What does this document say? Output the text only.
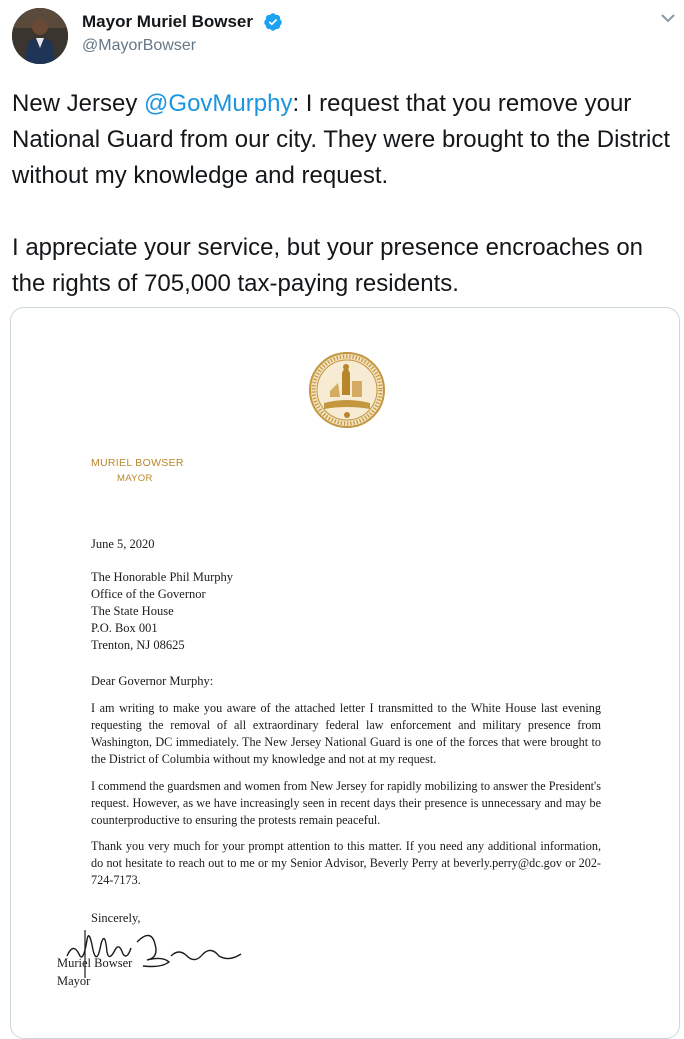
Mayor Muriel Bowser
@MayorBowser

New Jersey @GovMurphy: I request that you remove your National Guard from our city. They were brought to the District without my knowledge and request.

I appreciate your service, but your presence encroaches on the rights of 705,000 tax-paying residents.

MURIEL BOWSER
MAYOR
June 5, 2020
The Honorable Phil Murphy
Office of the Governor
The State House
P.O. Box 001
Trenton, NJ 08625
Dear Governor Murphy:
I am writing to make you aware of the attached letter I transmitted to the White House last evening requesting the removal of all extraordinary federal law enforcement and military presence from Washington, DC immediately. The New Jersey National Guard is one of the forces that were brought to the District of Columbia without my knowledge and not at my request.
I commend the guardsmen and women from New Jersey for rapidly mobilizing to answer the President's request. However, as we have increasingly seen in recent days their presence is unnecessary and may be counterproductive to ensuring the protests remain peaceful.
Thank you very much for your prompt attention to this matter. If you need any additional information, do not hesitate to reach out to me or my Senior Advisor, Beverly Perry at beverly.perry@dc.gov or 202-724-7173.
Sincerely,
Muriel Bowser
Mayor
